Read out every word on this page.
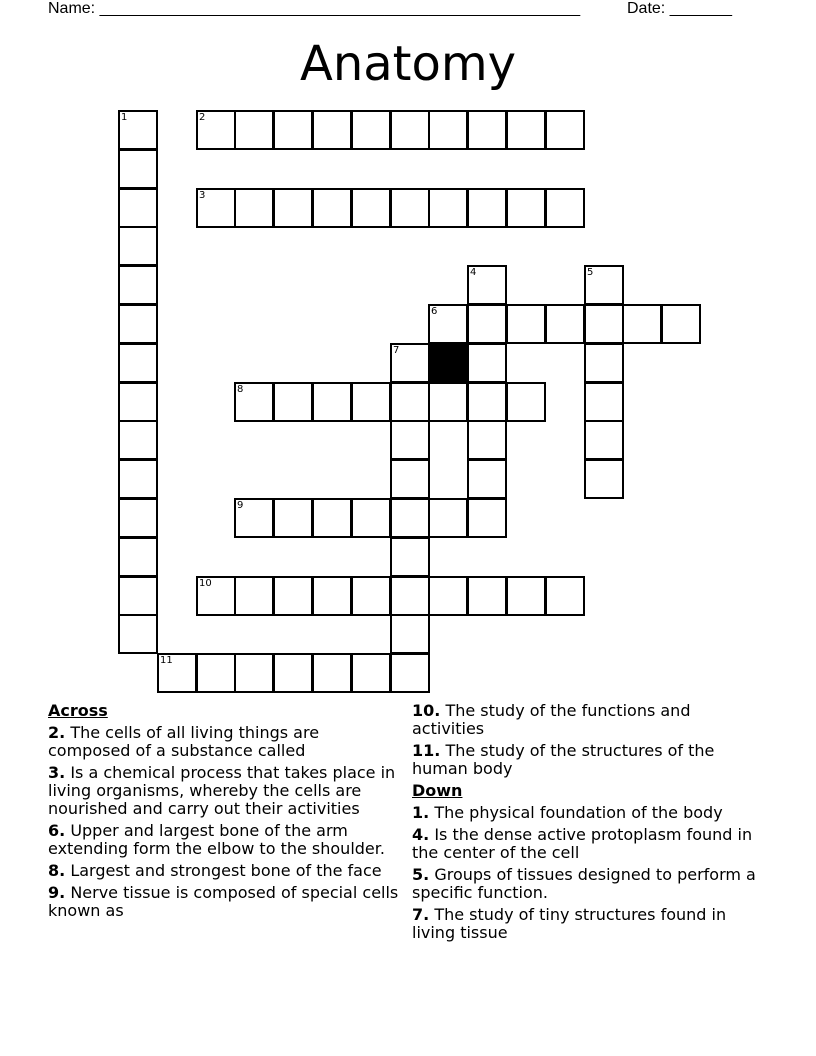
Name: ______________________________________________________	Date: _______
Anatomy
1	2
3
4	5
6
7
8
9
10
11
Across
2. The cells of all living things are composed of a substance called
3. Is a chemical process that takes place in living organisms, whereby the cells are nourished and carry out their activities
6. Upper and largest bone of the arm extending form the elbow to the shoulder.
8. Largest and strongest bone of the face
9. Nerve tissue is composed of special cells known as
10. The study of the functions and activities
11. The study of the structures of the human body
Down
1. The physical foundation of the body
4. Is the dense active protoplasm found in the center of the cell
5. Groups of tissues designed to perform a specific function.
7. The study of tiny structures found in living tissue
